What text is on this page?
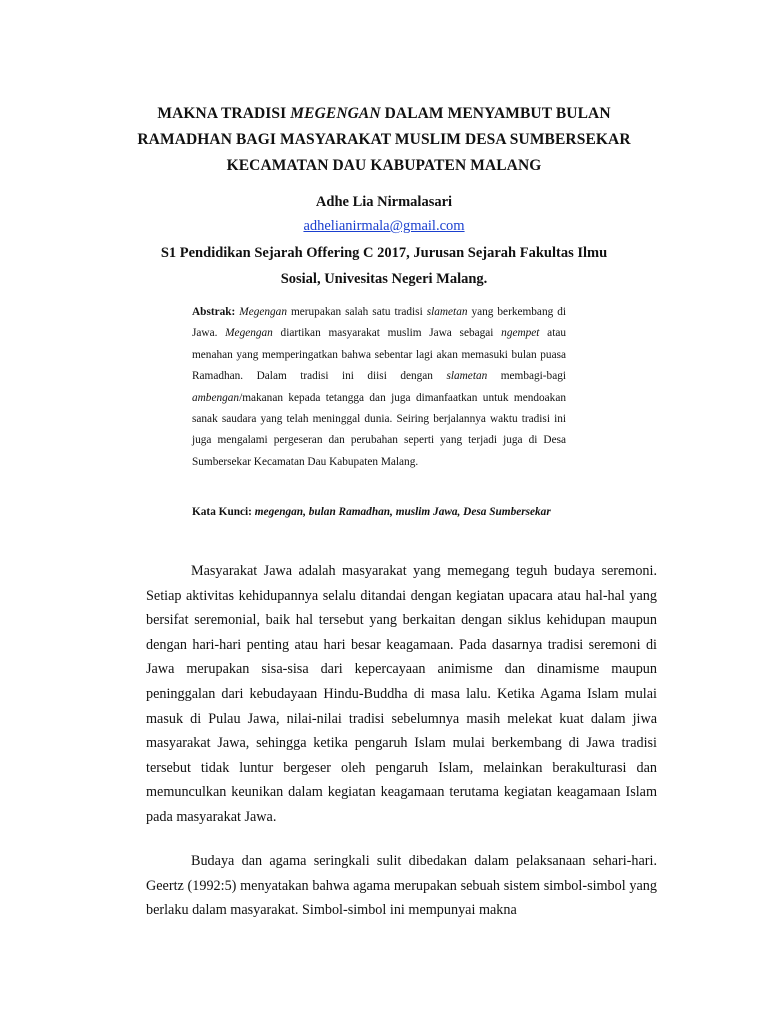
MAKNA TRADISI MEGENGAN DALAM MENYAMBUT BULAN RAMADHAN BAGI MASYARAKAT MUSLIM DESA SUMBERSEKAR KECAMATAN DAU KABUPATEN MALANG
Adhe Lia Nirmalasari
adhelianirmala@gmail.com
S1 Pendidikan Sejarah Offering C 2017, Jurusan Sejarah Fakultas Ilmu Sosial, Univesitas Negeri Malang.
Abstrak: Megengan merupakan salah satu tradisi slametan yang berkembang di Jawa. Megengan diartikan masyarakat muslim Jawa sebagai ngempet atau menahan yang memperingatkan bahwa sebentar lagi akan memasuki bulan puasa Ramadhan. Dalam tradisi ini diisi dengan slametan membagi-bagi ambengan/makanan kepada tetangga dan juga dimanfaatkan untuk mendoakan sanak saudara yang telah meninggal dunia. Seiring berjalannya waktu tradisi ini juga mengalami pergeseran dan perubahan seperti yang terjadi juga di Desa Sumbersekar Kecamatan Dau Kabupaten Malang.
Kata Kunci: megengan, bulan Ramadhan, muslim Jawa, Desa Sumbersekar
Masyarakat Jawa adalah masyarakat yang memegang teguh budaya seremoni. Setiap aktivitas kehidupannya selalu ditandai dengan kegiatan upacara atau hal-hal yang bersifat seremonial, baik hal tersebut yang berkaitan dengan siklus kehidupan maupun dengan hari-hari penting atau hari besar keagamaan. Pada dasarnya tradisi seremoni di Jawa merupakan sisa-sisa dari kepercayaan animisme dan dinamisme maupun peninggalan dari kebudayaan Hindu-Buddha di masa lalu. Ketika Agama Islam mulai masuk di Pulau Jawa, nilai-nilai tradisi sebelumnya masih melekat kuat dalam jiwa masyarakat Jawa, sehingga ketika pengaruh Islam mulai berkembang di Jawa tradisi tersebut tidak luntur bergeser oleh pengaruh Islam, melainkan berakulturasi dan memunculkan keunikan dalam kegiatan keagamaan terutama kegiatan keagamaan Islam pada masyarakat Jawa.
Budaya dan agama seringkali sulit dibedakan dalam pelaksanaan sehari-hari. Geertz (1992:5) menyatakan bahwa agama merupakan sebuah sistem simbol-simbol yang berlaku dalam masyarakat. Simbol-simbol ini mempunyai makna
